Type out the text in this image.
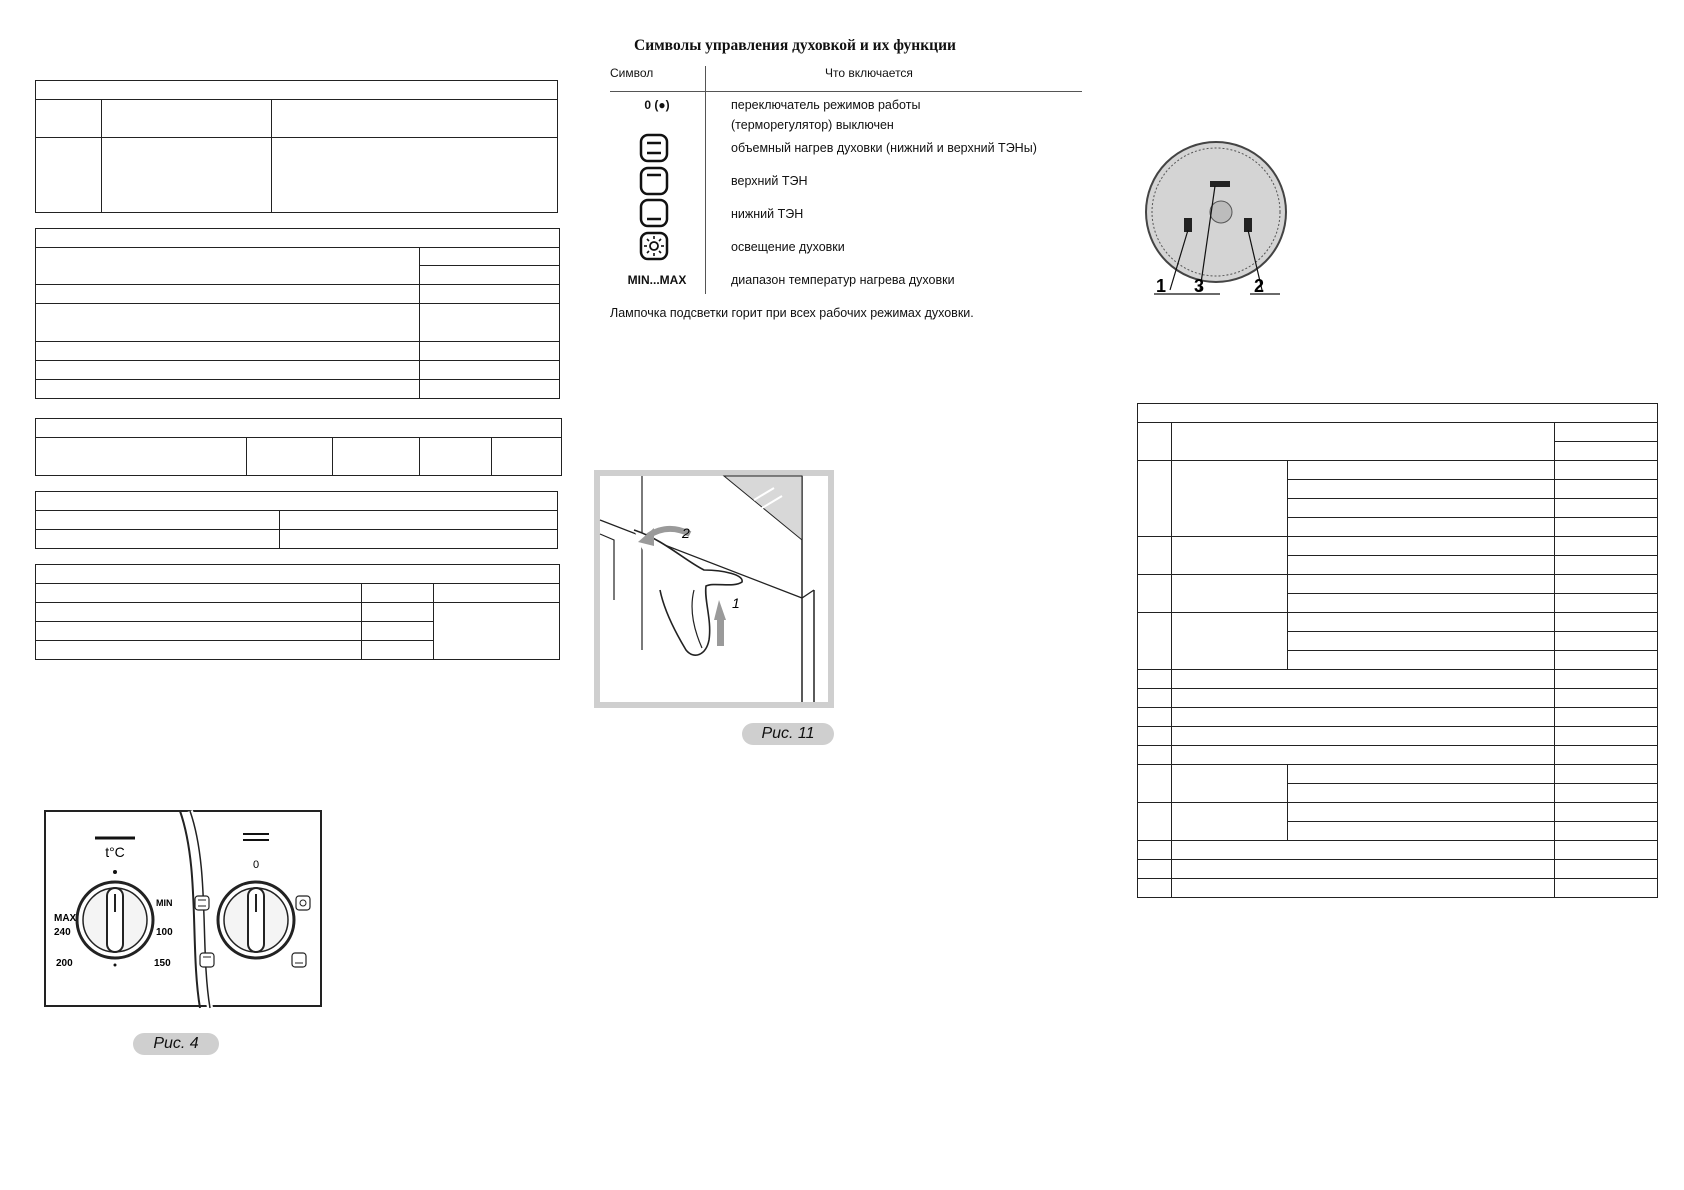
t°C
MAX
240
MIN
100
200	150
0
Рис. 4
Символы управления духовкой и их функции
Символ	Что включается
0 (●)	переключатель режимов работы
(терморегулятор) выключен
объемный нагрев духовки (нижний и верхний ТЭНы)
верхний ТЭН
нижний ТЭН
освещение духовки
MIN...MAX	диапазон температур нагрева духовки
Лампочка подсветки горит при всех рабочих режимах духовки.
2
1
Рис. 11
1 3	2
